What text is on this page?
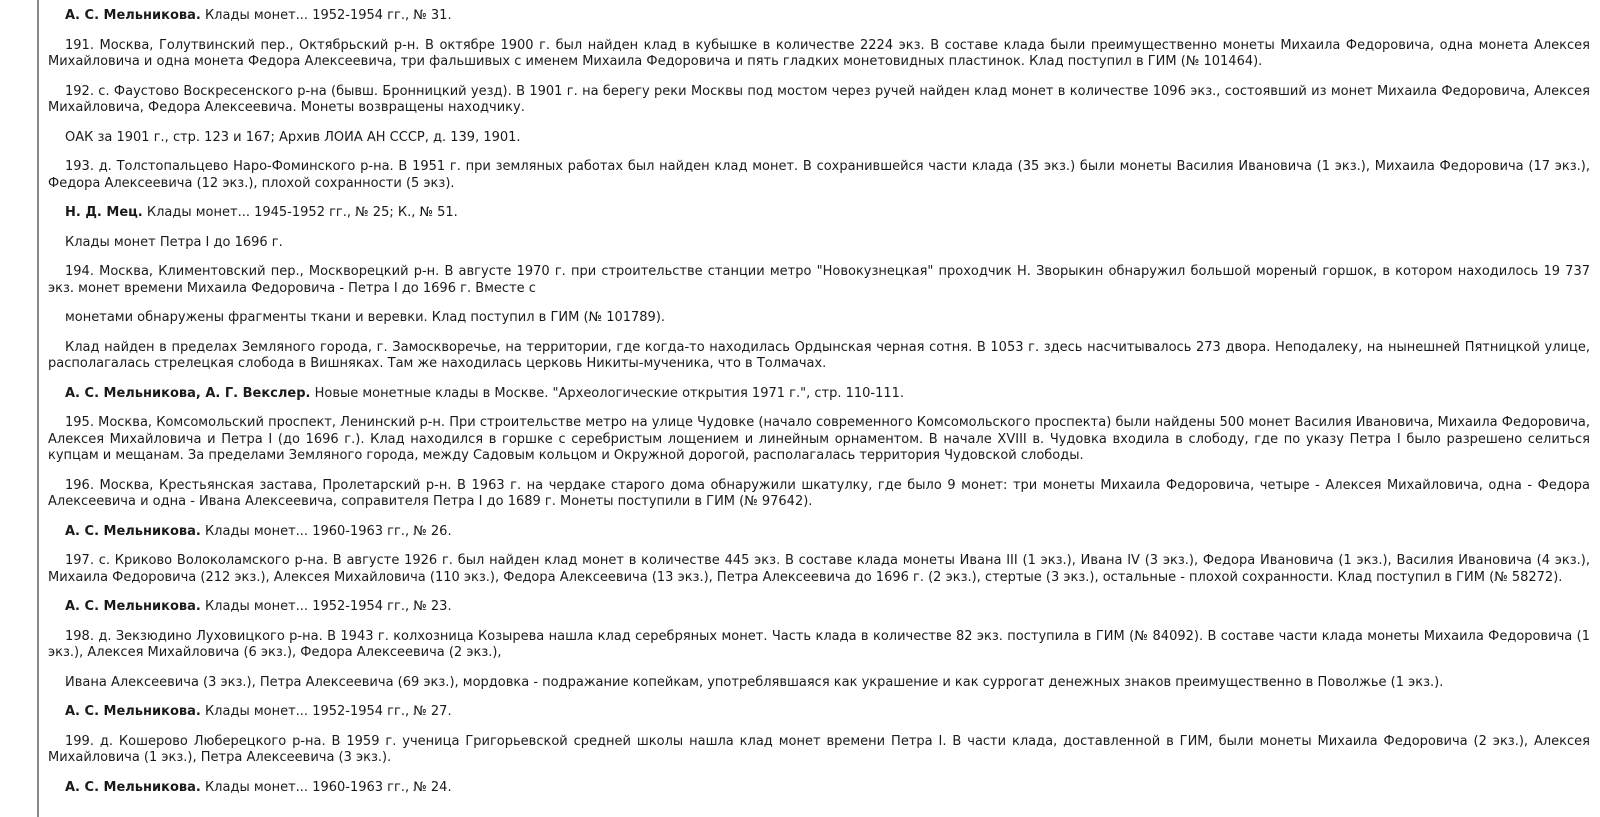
А. С. Мельникова. Клады монет... 1952-1954 гг., № 31.

191. Москва, Голутвинский пер., Октябрьский р-н. В октябре 1900 г. был найден клад в кубышке в количестве 2224 экз. В составе клада были преимущественно монеты Михаила Федоровича, одна монета Алексея Михайловича и одна монета Федора Алексеевича, три фальшивых с именем Михаила Федоровича и пять гладких монетовидных пластинок. Клад поступил в ГИМ (№ 101464).

192. с. Фаустово Воскресенского р-на (бывш. Бронницкий уезд). В 1901 г. на берегу реки Москвы под мостом через ручей найден клад монет в количестве 1096 экз., состоявший из монет Михаила Федоровича, Алексея Михайловича, Федора Алексеевича. Монеты возвращены находчику.

ОАК за 1901 г., стр. 123 и 167; Архив ЛОИА АН СССР, д. 139, 1901.

193. д. Толстопальцево Наро-Фоминского р-на. В 1951 г. при земляных работах был найден клад монет. В сохранившейся части клада (35 экз.) были монеты Василия Ивановича (1 экз.), Михаила Федоровича (17 экз.), Федора Алексеевича (12 экз.), плохой сохранности (5 экз).

Н. Д. Мец. Клады монет... 1945-1952 гг., № 25; К., № 51.

Клады монет Петра I до 1696 г.

194. Москва, Климентовский пер., Москворецкий р-н. В августе 1970 г. при строительстве станции метро "Новокузнецкая" проходчик Н. Зворыкин обнаружил большой мореный горшок, в котором находилось 19 737 экз. монет времени Михаила Федоровича - Петра I до 1696 г. Вместе с

монетами обнаружены фрагменты ткани и веревки. Клад поступил в ГИМ (№ 101789).

Клад найден в пределах Земляного города, г. Замоскворечье, на территории, где когда-то находилась Ордынская черная сотня. В 1053 г. здесь насчитывалось 273 двора. Неподалеку, на нынешней Пятницкой улице, располагалась стрелецкая слобода в Вишняках. Там же находилась церковь Никиты-мученика, что в Толмачах.

А. С. Мельникова, А. Г. Векслер. Новые монетные клады в Москве. "Археологические открытия 1971 г.", стр. 110-111.

195. Москва, Комсомольский проспект, Ленинский р-н. При строительстве метро на улице Чудовке (начало современного Комсомольского проспекта) были найдены 500 монет Василия Ивановича, Михаила Федоровича, Алексея Михайловича и Петра I (до 1696 г.). Клад находился в горшке с серебристым лощением и линейным орнаментом. В начале XVIII в. Чудовка входила в слободу, где по указу Петра I было разрешено селиться купцам и мещанам. За пределами Земляного города, между Садовым кольцом и Окружной дорогой, располагалась территория Чудовской слободы.

196. Москва, Крестьянская застава, Пролетарский р-н. В 1963 г. на чердаке старого дома обнаружили шкатулку, где было 9 монет: три монеты Михаила Федоровича, четыре - Алексея Михайловича, одна - Федора Алексеевича и одна - Ивана Алексеевича, соправителя Петра I до 1689 г. Монеты поступили в ГИМ (№ 97642).

А. С. Мельникова. Клады монет... 1960-1963 гг., № 26.

197. с. Криково Волоколамского р-на. В августе 1926 г. был найден клад монет в количестве 445 экз. В составе клада монеты Ивана III (1 экз.), Ивана IV (3 экз.), Федора Ивановича (1 экз.), Василия Ивановича (4 экз.), Михаила Федоровича (212 экз.), Алексея Михайловича (110 экз.), Федора Алексеевича (13 экз.), Петра Алексеевича до 1696 г. (2 экз.), стертые (3 экз.), остальные - плохой сохранности. Клад поступил в ГИМ (№ 58272).

А. С. Мельникова. Клады монет... 1952-1954 гг., № 23.

198. д. Зекзюдино Луховицкого р-на. В 1943 г. колхозница Козырева нашла клад серебряных монет. Часть клада в количестве 82 экз. поступила в ГИМ (№ 84092). В составе части клада монеты Михаила Федоровича (1 экз.), Алексея Михайловича (6 экз.), Федора Алексеевича (2 экз.),

Ивана Алексеевича (3 экз.), Петра Алексеевича (69 экз.), мордовка - подражание копейкам, употреблявшаяся как украшение и как суррогат денежных знаков преимущественно в Поволжье (1 экз.).

А. С. Мельникова. Клады монет... 1952-1954 гг., № 27.

199. д. Кошерово Люберецкого р-на. В 1959 г. ученица Григорьевской средней школы нашла клад монет времени Петра I. В части клада, доставленной в ГИМ, были монеты Михаила Федоровича (2 экз.), Алексея Михайловича (1 экз.), Петра Алексеевича (3 экз.).

А. С. Мельникова. Клады монет... 1960-1963 гг., № 24.
